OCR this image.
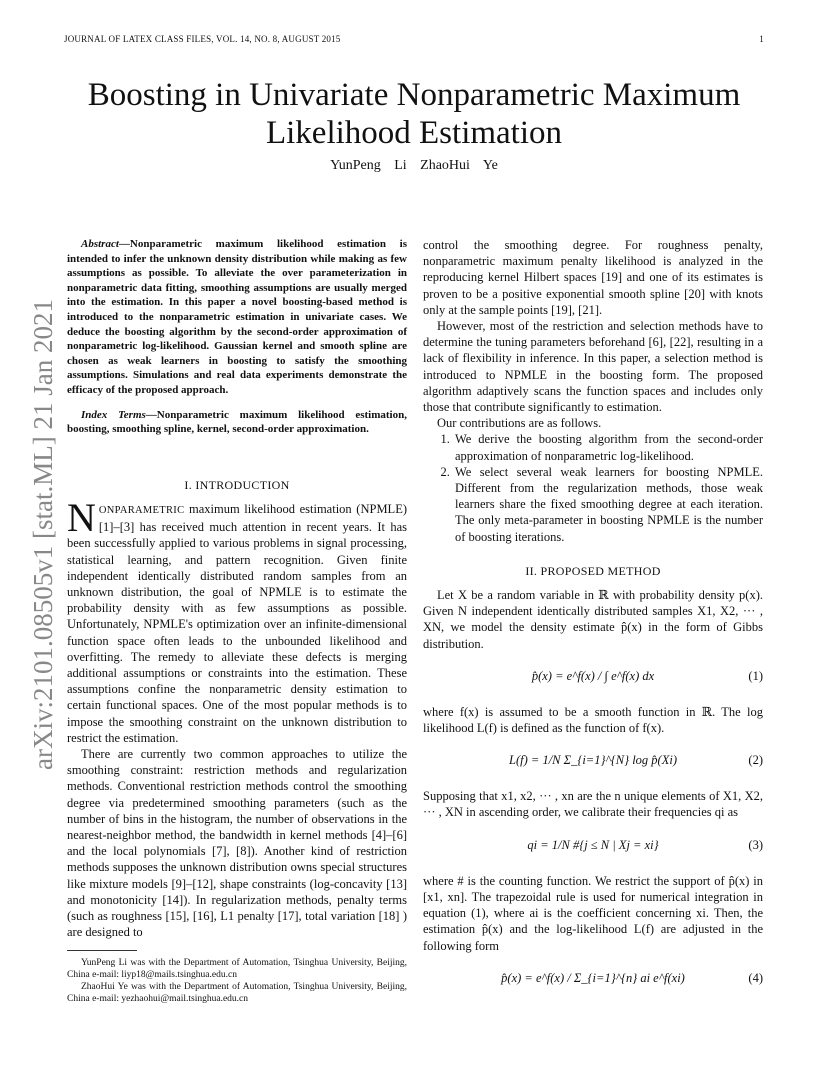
JOURNAL OF LATEX CLASS FILES, VOL. 14, NO. 8, AUGUST 2015	1
arXiv:2101.08505v1 [stat.ML] 21 Jan 2021
Boosting in Univariate Nonparametric Maximum Likelihood Estimation
YunPeng Li ZhaoHui Ye

Abstract—Nonparametric maximum likelihood estimation is intended to infer the unknown density distribution while making as few assumptions as possible. To alleviate the over parameterization in nonparametric data fitting, smoothing assumptions are usually merged into the estimation. In this paper a novel boosting-based method is introduced to the nonparametric estimation in univariate cases. We deduce the boosting algorithm by the second-order approximation of nonparametric log-likelihood. Gaussian kernel and smooth spline are chosen as weak learners in boosting to satisfy the smoothing assumptions. Simulations and real data experiments demonstrate the efficacy of the proposed approach.

Index Terms—Nonparametric maximum likelihood estimation, boosting, smoothing spline, kernel, second-order approximation.

I. INTRODUCTION

NONPARAMETRIC maximum likelihood estimation (NPMLE) [1]–[3] has received much attention in recent years. It has been successfully applied to various problems in signal processing, statistical learning, and pattern recognition. Given finite independent identically distributed random samples from an unknown distribution, the goal of NPMLE is to estimate the probability density with as few assumptions as possible. Unfortunately, NPMLE's optimization over an infinite-dimensional function space often leads to the unbounded likelihood and overfitting. The remedy to alleviate these defects is merging additional assumptions or constraints into the estimation. These assumptions confine the nonparametric density estimation to certain functional spaces. One of the most popular methods is to impose the smoothing constraint on the unknown distribution to restrict the estimation.

There are currently two common approaches to utilize the smoothing constraint: restriction methods and regularization methods. Conventional restriction methods control the smoothing degree via predetermined smoothing parameters (such as the number of bins in the histogram, the number of observations in the nearest-neighbor method, the bandwidth in kernel methods [4]–[6] and the local polynomials [7], [8]). Another kind of restriction methods supposes the unknown distribution owns special structures like mixture models [9]–[12], shape constraints (log-concavity [13] and monotonicity [14]). In regularization methods, penalty terms (such as roughness [15], [16], L1 penalty [17], total variation [18] ) are designed to

YunPeng Li was with the Department of Automation, Tsinghua University, Beijing, China e-mail: liyp18@mails.tsinghua.edu.cn

ZhaoHui Ye was with the Department of Automation, Tsinghua University, Beijing, China e-mail: yezhaohui@mail.tsinghua.edu.cn

control the smoothing degree. For roughness penalty, nonparametric maximum penalty likelihood is analyzed in the reproducing kernel Hilbert spaces [19] and one of its estimates is proven to be a positive exponential smooth spline [20] with knots only at the sample points [19], [21].

However, most of the restriction and selection methods have to determine the tuning parameters beforehand [6], [22], resulting in a lack of flexibility in inference. In this paper, a selection method is introduced to NPMLE in the boosting form. The proposed algorithm adaptively scans the function spaces and includes only those that contribute significantly to estimation.

Our contributions are as follows.

1. We derive the boosting algorithm from the second-order approximation of nonparametric log-likelihood.
2. We select several weak learners for boosting NPMLE. Different from the regularization methods, those weak learners share the fixed smoothing degree at each iteration. The only meta-parameter in boosting NPMLE is the number of boosting iterations.
II. PROPOSED METHOD

Let X be a random variable in ℝ with probability density p(x). Given N independent identically distributed samples X1, X2, ··· , XN, we model the density estimate p̂(x) in the form of Gibbs distribution.

p̂(x) = e^f(x) / ∫ e^f(x) dx	(1)

where f(x) is assumed to be a smooth function in ℝ. The log likelihood L(f) is defined as the function of f(x).

L(f) = 1/N Σ_{i=1}^{N} log p̂(Xi)	(2)

Supposing that x1, x2, ··· , xn are the n unique elements of X1, X2, ··· , XN in ascending order, we calibrate their frequencies qi as

qi = 1/N #{j ≤ N | Xj = xi}	(3)

where # is the counting function. We restrict the support of p̂(x) in [x1, xn]. The trapezoidal rule is used for numerical integration in equation (1), where ai is the coefficient concerning xi. Then, the estimation p̂(x) and the log-likelihood L(f) are adjusted in the following form

p̂(x) = e^f(x) / Σ_{i=1}^{n} ai e^f(xi)	(4)
